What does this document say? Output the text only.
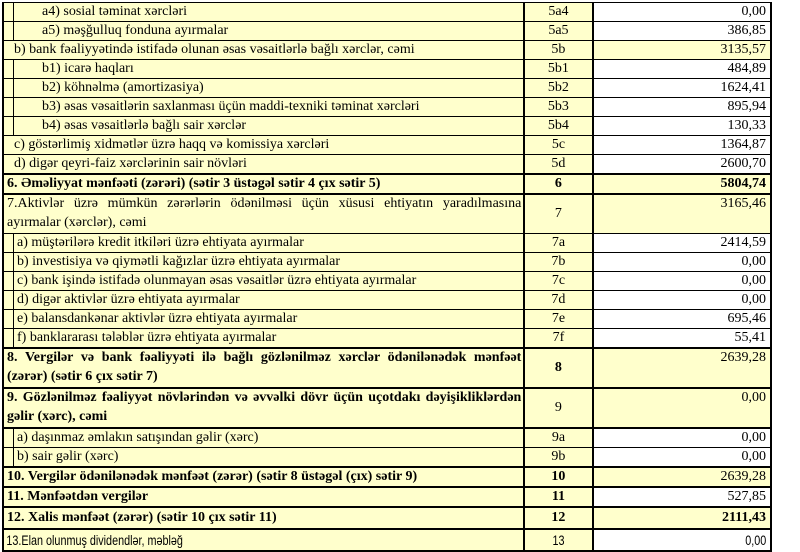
a4) sosial təminat xərcləri	5a4	0,00

a5) məşğulluq fonduna ayırmalar	5a5	386,85

b) bank fəaliyyətində istifadə olunan əsas vəsaitlərlə bağlı xərclər, cəmi	5b	3135,57

b1) icarə haqları	5b1	484,89

b2) köhnəlmə (amortizasiya)	5b2	1624,41

b3) əsas vəsaitlərin saxlanması üçün maddi-texniki təminat xərcləri	5b3	895,94

b4) əsas vəsaitlərlə bağlı sair xərclər	5b4	130,33

c) göstərlimiş xidmətlər üzrə haqq və komissiya xərcləri	5c	1364,87

d) digər qeyri-faiz xərclərinin sair növləri	5d	2600,70

6. Əməliyyat mənfəəti (zərəri) (sətir 3 üstəgəl sətir 4 çıx sətir 5)	6	5804,74

7.Aktivlər üzrə mümkün zərərlərin ödənilməsi üçün xüsusi ehtiyatın yaradılmasına ayırmalar (xərclər), cəmi	7	3165,46

a) müştərilərə kredit itkiləri üzrə ehtiyata ayırmalar	7a	2414,59

b) investisiya və qiymətli kağızlar üzrə ehtiyata ayırmalar	7b	0,00

c) bank işində istifadə olunmayan əsas vəsaitlər üzrə ehtiyata ayırmalar	7c	0,00

d) digər aktivlər üzrə ehtiyata ayırmalar	7d	0,00

e) balansdankənar aktivlər üzrə ehtiyata ayırmalar	7e	695,46

f) banklararası tələblər üzrə ehtiyata ayırmalar	7f	55,41

8. Vergilər və bank fəaliyyəti ilə bağlı gözlənilməz xərclər ödənilənədək mənfəət (zərər) (sətir 6 çıx sətir 7)	8	2639,28

9. Gözlənilməz fəaliyyət növlərindən və əvvəlki dövr üçün uçotdakı dəyişikliklərdən gəlir (xərc), cəmi	9	0,00

a) daşınmaz əmlakın satışından gəlir (xərc)	9a	0,00

b) sair gəlir (xərc)	9b	0,00

10. Vergilər ödənilənədək mənfəət (zərər) (sətir 8 üstəgəl (çıx) sətir 9)	10	2639,28

11. Mənfəətdən vergilər	11	527,85

12. Xalis mənfəət (zərər) (sətir 10 çıx sətir 11)	12	2111,43

13.Elan olunmuş dividendlər, məbləğ	13	0,00
